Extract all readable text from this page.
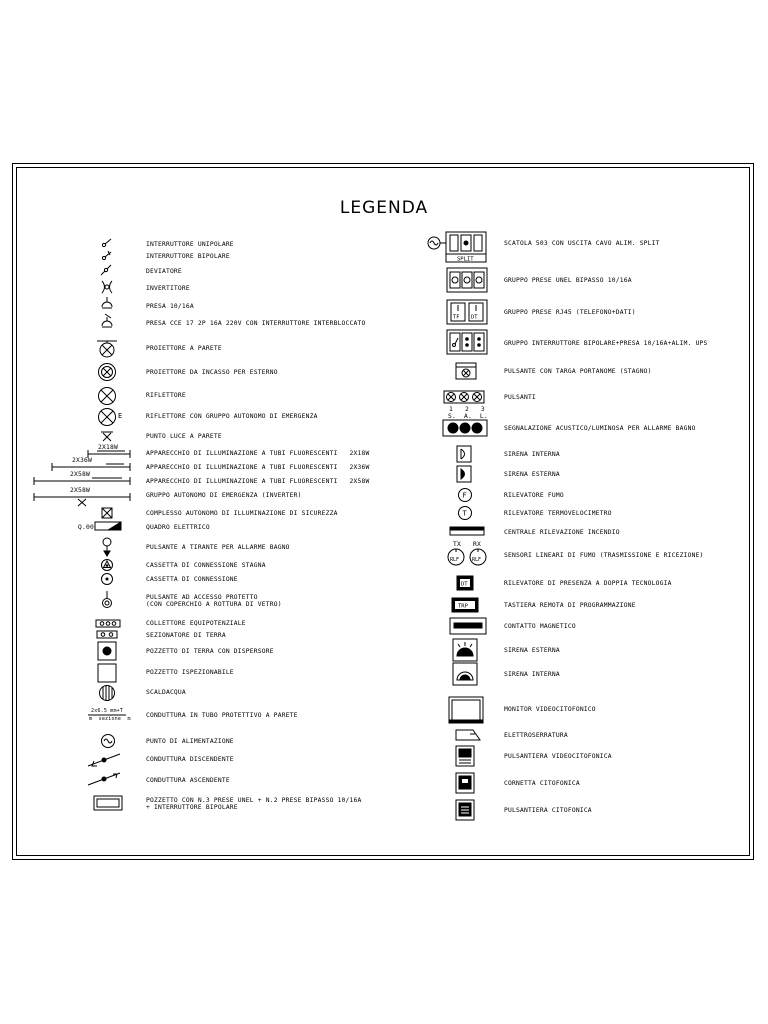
LEGENDA
E
2X18W
2X36W
2X58W
2X58W
Q.00
2x6.5 mm+T
m  sezione  m
INTERRUTTORE UNIPOLARE
INTERRUTTORE BIPOLARE
DEVIATORE
INVERTITORE
PRESA 10/16A
PRESA CCE 17 2P 16A 220V CON INTERRUTTORE INTERBLOCCATO
PROIETTORE A PARETE
PROIETTORE DA INCASSO PER ESTERNO
RIFLETTORE
RIFLETTORE CON GRUPPO AUTONOMO DI EMERGENZA
PUNTO LUCE A PARETE
APPARECCHIO DI ILLUMINAZIONE A TUBI FLUORESCENTI   2X18W
APPARECCHIO DI ILLUMINAZIONE A TUBI FLUORESCENTI   2X36W
APPARECCHIO DI ILLUMINAZIONE A TUBI FLUORESCENTI   2X58W
GRUPPO AUTONOMO DI EMERGENZA (INVERTER)
COMPLESSO AUTONOMO DI ILLUMINAZIONE DI SICUREZZA
QUADRO ELETTRICO
PULSANTE A TIRANTE PER ALLARME BAGNO
CASSETTA DI CONNESSIONE STAGNA
CASSETTA DI CONNESSIONE
PULSANTE AD ACCESSO PROTETTO
(CON COPERCHIO A ROTTURA DI VETRO)
COLLETTORE EQUIPOTENZIALE
SEZIONATORE DI TERRA
POZZETTO DI TERRA CON DISPERSORE
POZZETTO ISPEZIONABILE
SCALDACQUA
CONDUTTURA IN TUBO PROTETTIVO A PARETE
PUNTO DI ALIMENTAZIONE
CONDUTTURA DISCENDENTE
CONDUTTURA ASCENDENTE
POZZETTO CON N.3 PRESE UNEL + N.2 PRESE BIPASSO 10/16A
+ INTERRUTTORE BIPOLARE
SPLIT
TF DT
1   2   3
S.  A.  L.
F
T
TX RX
RLF	RLF
DT
TRP
SCATOLA 503 CON USCITA CAVO ALIM. SPLIT
GRUPPO PRESE UNEL BIPASSO 10/16A
GRUPPO PRESE RJ45 (TELEFONO+DATI)
GRUPPO INTERRUTTORE BIPOLARE+PRESA 10/16A+ALIM. UPS
PULSANTE CON TARGA PORTANOME (STAGNO)
PULSANTI
SEGNALAZIONE ACUSTICO/LUMINOSA PER ALLARME BAGNO
SIRENA INTERNA
SIRENA ESTERNA
RILEVATORE FUMO
RILEVATORE TERMOVELOCIMETRO
CENTRALE RILEVAZIONE INCENDIO
SENSORI LINEARI DI FUMO (TRASMISSIONE E RICEZIONE)
RILEVATORE DI PRESENZA A DOPPIA TECNOLOGIA
TASTIERA REMOTA DI PROGRAMMAZIONE
CONTATTO MAGNETICO
SIRENA ESTERNA
SIRENA INTERNA
MONITOR VIDEOCITOFONICO
ELETTROSERRATURA
PULSANTIERA VIDEOCITOFONICA
CORNETTA CITOFONICA
PULSANTIERA CITOFONICA
